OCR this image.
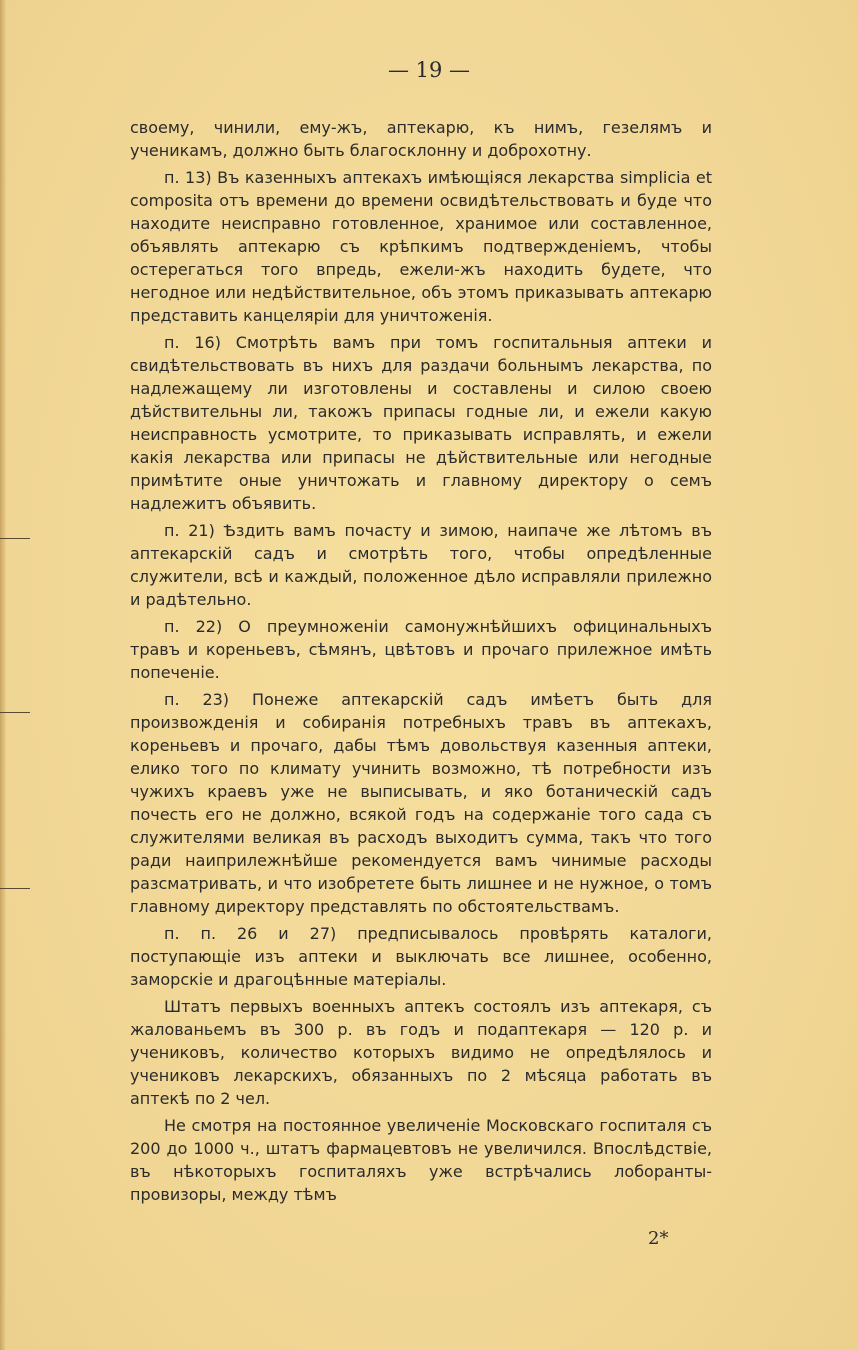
— 19 —

своему, чинили, ему-жъ, аптекарю, къ нимъ, гезелямъ и ученикамъ, должно быть благосклонну и доброхотну.

п. 13) Въ казенныхъ аптекахъ имѣющіяся лекарства simplicia et composita отъ времени до времени освидѣтельствовать и буде что находите неисправно готовленное, хранимое или составленное, объявлять аптекарю съ крѣпкимъ подтвержденіемъ, чтобы остерегаться того впредь, ежели-жъ находить будете, что негодное или недѣйствительное, объ этомъ приказывать аптекарю представить канцеляріи для уничтоженія.

п. 16) Смотрѣть вамъ при томъ госпитальныя аптеки и свидѣтельствовать въ нихъ для раздачи больнымъ лекарства, по надлежащему ли изготовлены и составлены и силою своею дѣйствительны ли, такожъ припасы годные ли, и ежели какую неисправность усмотрите, то приказывать исправлять, и ежели какія лекарства или припасы не дѣйствительные или негодные примѣтите оные уничтожать и главному директору о семъ надлежитъ объявить.

п. 21) Ѣздить вамъ почасту и зимою, наипаче же лѣтомъ въ аптекарскій садъ и смотрѣть того, чтобы опредѣленные служители, всѣ и каждый, положенное дѣло исправляли прилежно и радѣтельно.

п. 22) О преумноженіи самонужнѣйшихъ официнальныхъ травъ и кореньевъ, сѣмянъ, цвѣтовъ и прочаго прилежное имѣть попеченіе.

п. 23) Понеже аптекарскій садъ имѣетъ быть для произвожденія и собиранія потребныхъ травъ въ аптекахъ, кореньевъ и прочаго, дабы тѣмъ довольствуя казенныя аптеки, елико того по климату учинить возможно, тѣ потребности изъ чужихъ краевъ уже не выписывать, и яко ботаническій садъ почесть его не должно, всякой годъ на содержаніе того сада съ служителями великая въ расходъ выходитъ сумма, такъ что того ради наиприлежнѣйше рекомендуется вамъ чинимые расходы разсматривать, и что изобретете быть лишнее и не нужное, о томъ главному директору представлять по обстоятельствамъ.

п. п. 26 и 27) предписывалось провѣрять каталоги, поступающіе изъ аптеки и выключать все лишнее, особенно, заморскіе и драгоцѣнные матеріалы.

Штатъ первыхъ военныхъ аптекъ состоялъ изъ аптекаря, съ жалованьемъ въ 300 р. въ годъ и подаптекаря — 120 р. и учениковъ, количество которыхъ видимо не опредѣлялось и учениковъ лекарскихъ, обязанныхъ по 2 мѣсяца работать въ аптекѣ по 2 чел.

Не смотря на постоянное увеличеніе Московскаго госпиталя съ 200 до 1000 ч., штатъ фармацевтовъ не увеличился. Впослѣдствіе, въ нѣкоторыхъ госпиталяхъ уже встрѣчались лоборанты-провизоры, между тѣмъ

2*
